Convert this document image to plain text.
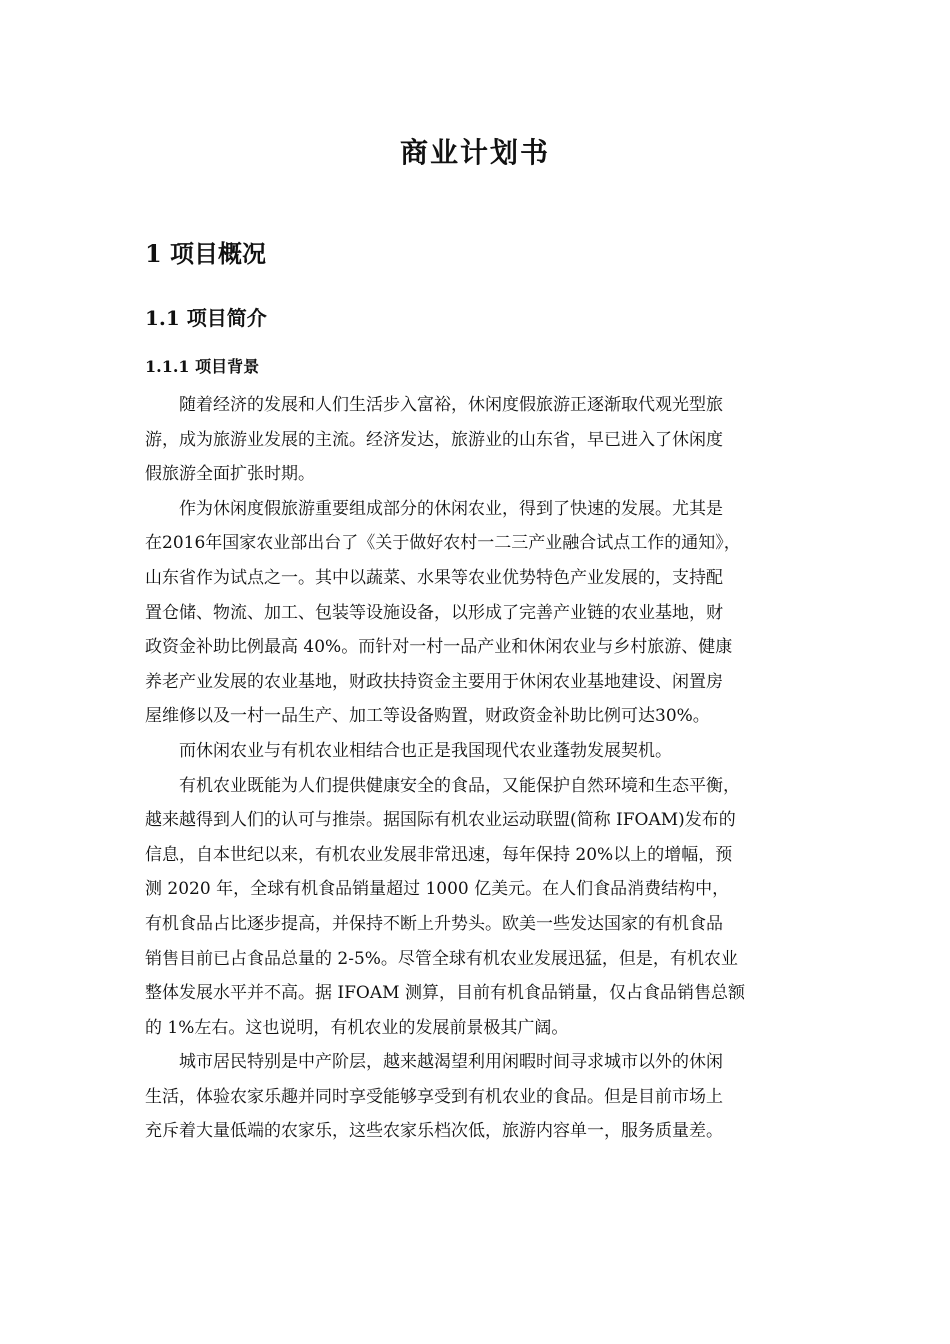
商业计划书
1 项目概况
1.1 项目简介
1.1.1 项目背景

随着经济的发展和人们生活步入富裕，休闲度假旅游正逐渐取代观光型旅
游，成为旅游业发展的主流。经济发达，旅游业的山东省，早已进入了休闲度
假旅游全面扩张时期。

作为休闲度假旅游重要组成部分的休闲农业，得到了快速的发展。尤其是
在2016年国家农业部出台了《关于做好农村一二三产业融合试点工作的通知》，
山东省作为试点之一。其中以蔬菜、水果等农业优势特色产业发展的，支持配
置仓储、物流、加工、包装等设施设备，以形成了完善产业链的农业基地，财
政资金补助比例最高 40%。而针对一村一品产业和休闲农业与乡村旅游、健康
养老产业发展的农业基地，财政扶持资金主要用于休闲农业基地建设、闲置房
屋维修以及一村一品生产、加工等设备购置，财政资金补助比例可达30%。

而休闲农业与有机农业相结合也正是我国现代农业蓬勃发展契机。

有机农业既能为人们提供健康安全的食品，又能保护自然环境和生态平衡，
越来越得到人们的认可与推崇。据国际有机农业运动联盟(简称 IFOAM)发布的
信息，自本世纪以来，有机农业发展非常迅速，每年保持 20%以上的增幅，预
测 2020 年，全球有机食品销量超过 1000 亿美元。在人们食品消费结构中，
有机食品占比逐步提高，并保持不断上升势头。欧美一些发达国家的有机食品
销售目前已占食品总量的 2-5%。尽管全球有机农业发展迅猛，但是，有机农业
整体发展水平并不高。据 IFOAM 测算，目前有机食品销量，仅占食品销售总额
的 1%左右。这也说明，有机农业的发展前景极其广阔。

城市居民特别是中产阶层，越来越渴望利用闲暇时间寻求城市以外的休闲
生活，体验农家乐趣并同时享受能够享受到有机农业的食品。但是目前市场上
充斥着大量低端的农家乐，这些农家乐档次低，旅游内容单一，服务质量差。
